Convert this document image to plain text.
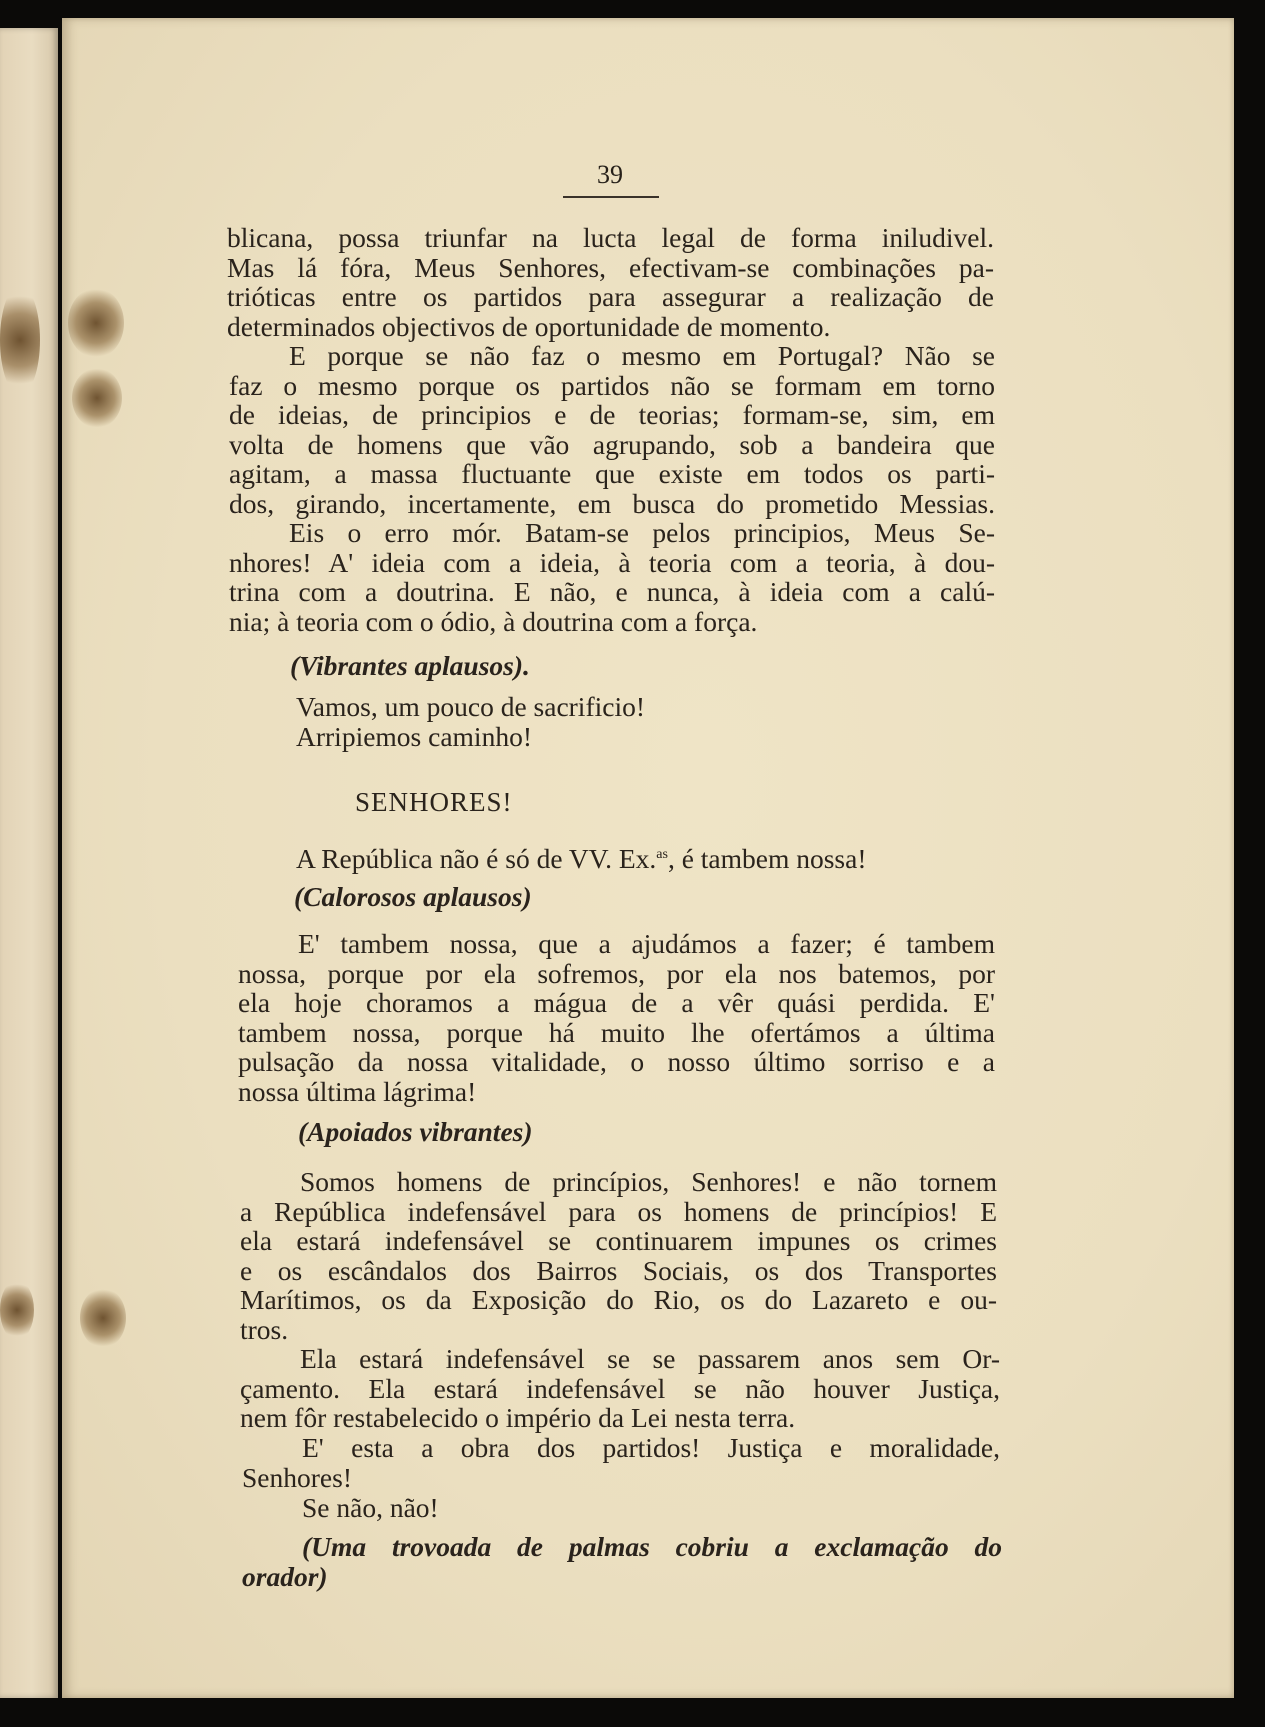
39

blicana, possa triunfar na lucta legal de forma iniludivel.

Mas lá fóra, Meus Senhores, efectivam-se combinações pa-

trióticas entre os partidos para assegurar a realização de

determinados objectivos de oportunidade de momento.

E porque se não faz o mesmo em Portugal? Não se

faz o mesmo porque os partidos não se formam em torno

de ideias, de principios e de teorias; formam-se, sim, em

volta de homens que vão agrupando, sob a bandeira que

agitam, a massa fluctuante que existe em todos os parti-

dos, girando, incertamente, em busca do prometido Messias.

Eis o erro mór. Batam-se pelos principios, Meus Se-

nhores! A' ideia com a ideia, à teoria com a teoria, à dou-

trina com a doutrina. E não, e nunca, à ideia com a calú-

nia; à teoria com o ódio, à doutrina com a força.

(Vibrantes aplausos).

Vamos, um pouco de sacrificio!

Arripiemos caminho!

SENHORES!
A República não é só de VV. Ex.$^{as}$, é tambem nossa!
(Calorosos aplausos)

E' tambem nossa, que a ajudámos a fazer; é tambem

nossa, porque por ela sofremos, por ela nos batemos, por

ela hoje choramos a mágua de a vêr quási perdida. E'

tambem nossa, porque há muito lhe ofertámos a última

pulsação da nossa vitalidade, o nosso último sorriso e a

nossa última lágrima!

(Apoiados vibrantes)

Somos homens de princípios, Senhores! e não tornem

a República indefensável para os homens de princípios! E

ela estará indefensável se continuarem impunes os crimes

e os escândalos dos Bairros Sociais, os dos Transportes

Marítimos, os da Exposição do Rio, os do Lazareto e ou-

tros.

Ela estará indefensável se se passarem anos sem Or-

çamento. Ela estará indefensável se não houver Justiça,

nem fôr restabelecido o império da Lei nesta terra.

E' esta a obra dos partidos! Justiça e moralidade,

Senhores!

Se não, não!

(Uma trovoada de palmas cobriu a exclamação do

orador)
